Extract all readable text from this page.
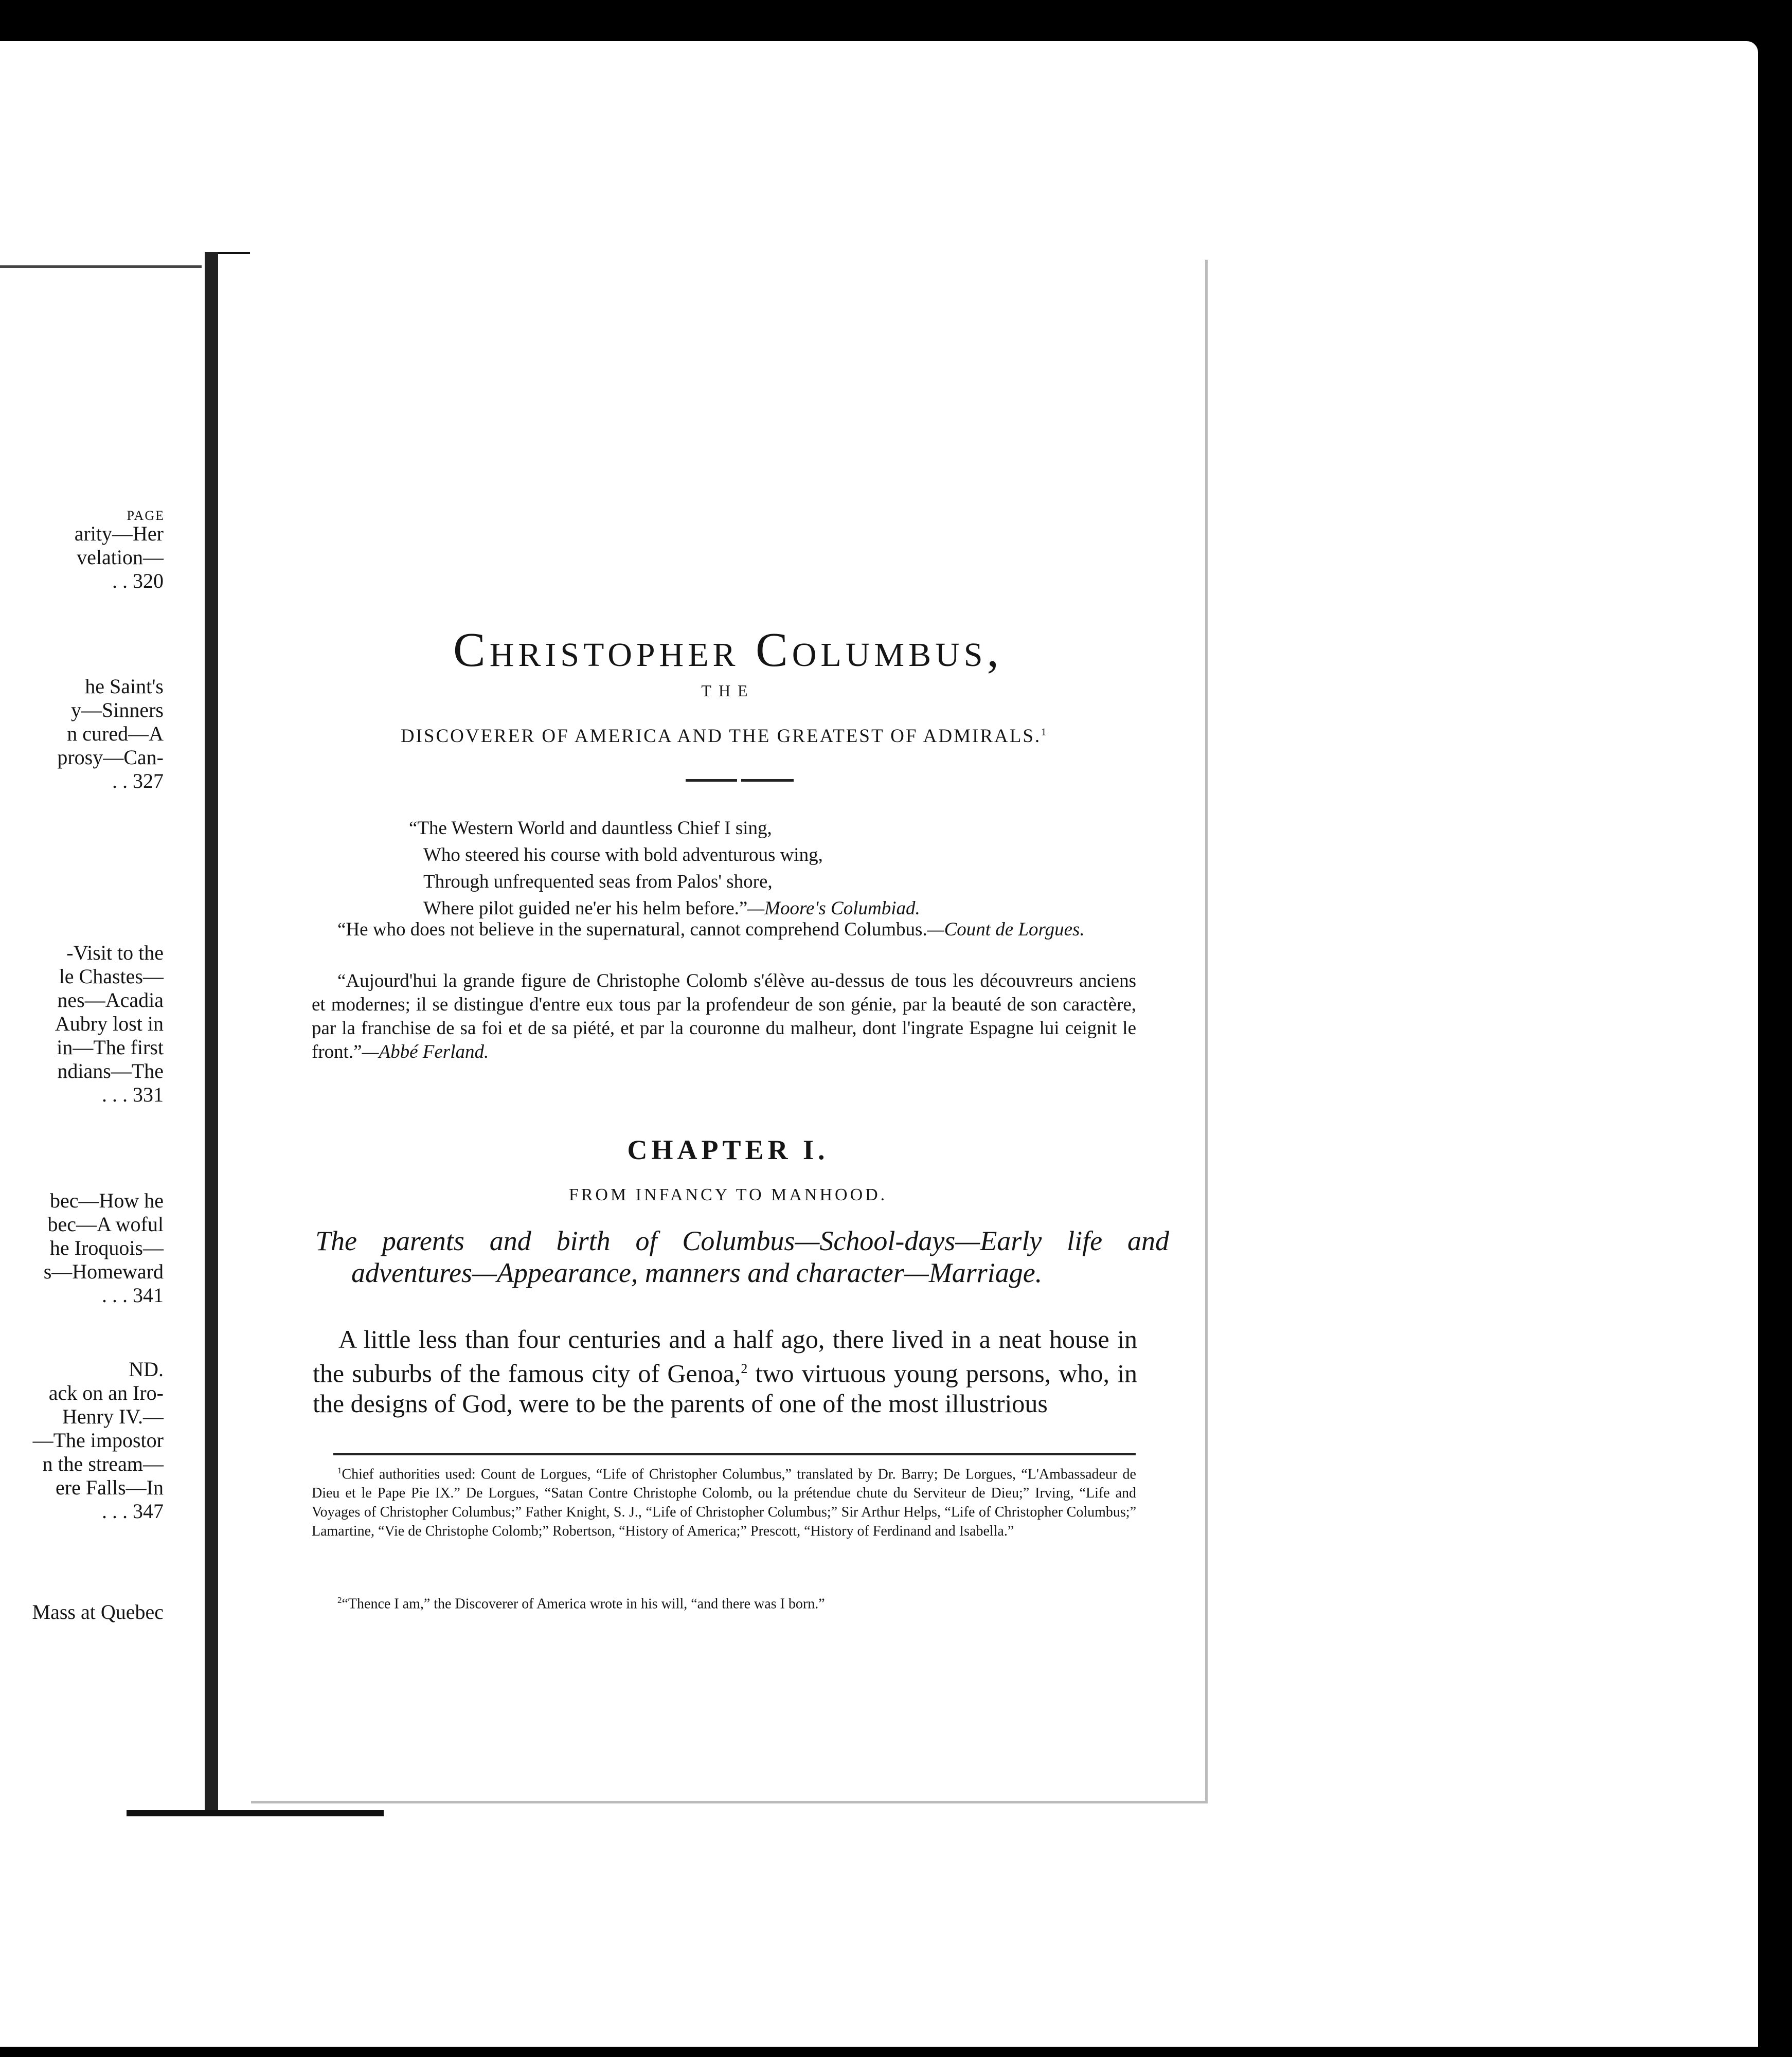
PAGE
arity—Her
velation—
. . 320
he Saint's
y—Sinners
n cured—A
prosy—Can-
. . 327
-Visit to the
le Chastes—
nes—Acadia
Aubry lost in
in—The first
ndians—The
. . . 331
bec—How he
bec—A woful
he Iroquois—
s—Homeward
. . . 341
ND.
ack on an Iro-
Henry IV.—
—The impostor
n the stream—
ere Falls—In
. . . 347
Mass at Quebec
Christopher Columbus,
THE
DISCOVERER OF AMERICA AND THE GREATEST OF ADMIRALS.$^1$
“The Western World and dauntless Chief I sing,
Who steered his course with bold adventurous wing,
Through unfrequented seas from Palos' shore,
Where pilot guided ne'er his helm before.”—Moore's Columbiad.
“He who does not believe in the supernatural, cannot comprehend Columbus.—Count de Lorgues.
“Aujourd'hui la grande figure de Christophe Colomb s'élève au-dessus de tous les découvreurs anciens et modernes; il se distingue d'entre eux tous par la profendeur de son génie, par la beauté de son caractère, par la franchise de sa foi et de sa piété, et par la couronne du malheur, dont l'ingrate Espagne lui ceignit le front.”—Abbé Ferland.
CHAPTER I.
FROM INFANCY TO MANHOOD.
The parents and birth of Columbus—School-days—Early life and adventures—Appearance, manners and character—Marriage.
A little less than four centuries and a half ago, there lived in a neat house in the suburbs of the famous city of Genoa,$^2$ two virtuous young persons, who, in the designs of God, were to be the parents of one of the most illustrious
$^1$Chief authorities used: Count de Lorgues, “Life of Christopher Columbus,” translated by Dr. Barry; De Lorgues, “L'Ambassadeur de Dieu et le Pape Pie IX.” De Lorgues, “Satan Contre Christophe Colomb, ou la prétendue chute du Serviteur de Dieu;” Irving, “Life and Voyages of Christopher Columbus;” Father Knight, S. J., “Life of Christopher Columbus;” Sir Arthur Helps, “Life of Christopher Columbus;” Lamartine, “Vie de Christophe Colomb;” Robertson, “History of America;” Prescott, “History of Ferdinand and Isabella.”
$^2$“Thence I am,” the Discoverer of America wrote in his will, “and there was I born.”
